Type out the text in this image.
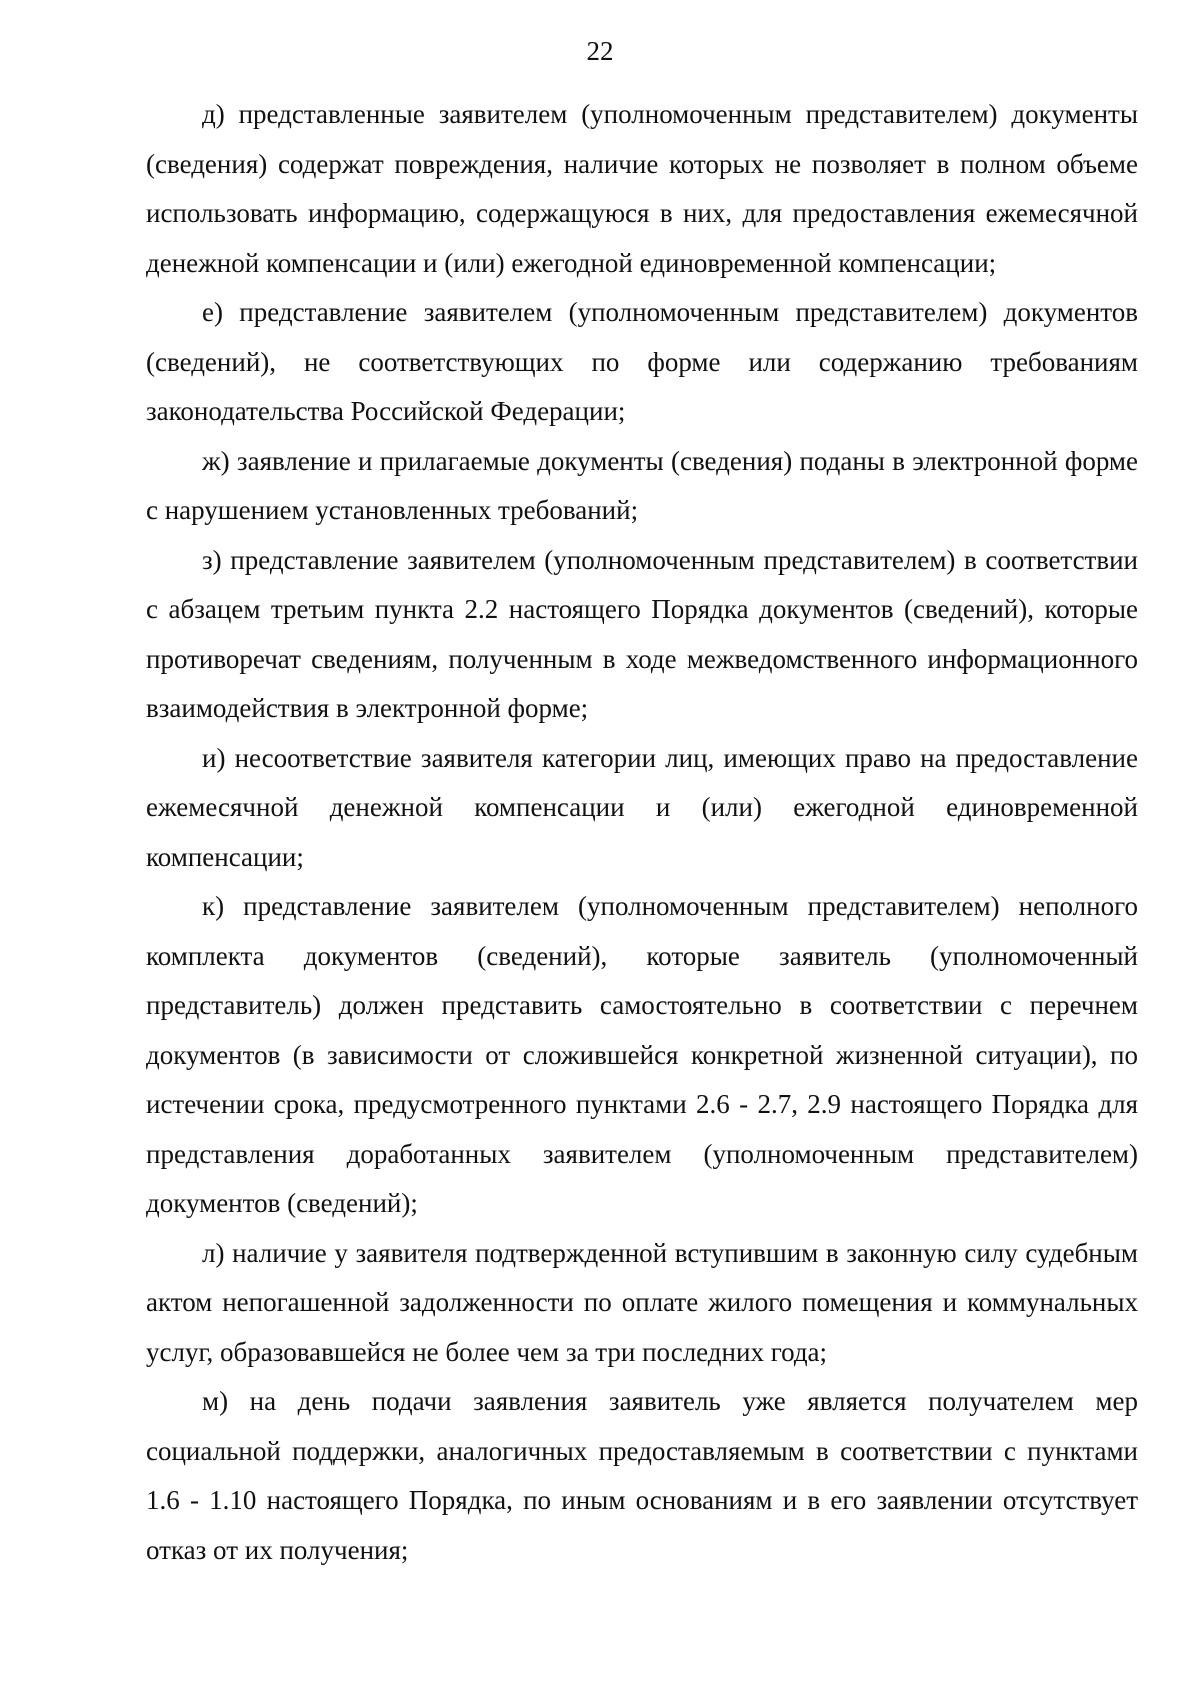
22

д) представленные заявителем (уполномоченным представителем) документы (сведения) содержат повреждения, наличие которых не позволяет в полном объеме использовать информацию, содержащуюся в них, для предоставления ежемесячной денежной компенсации и (или) ежегодной единовременной компенсации;

е) представление заявителем (уполномоченным представителем) документов (сведений), не соответствующих по форме или содержанию требованиям законодательства Российской Федерации;

ж) заявление и прилагаемые документы (сведения) поданы в электронной форме с нарушением установленных требований;

з) представление заявителем (уполномоченным представителем) в соответствии с абзацем третьим пункта 2.2 настоящего Порядка документов (сведений), которые противоречат сведениям, полученным в ходе межведомственного информационного взаимодействия в электронной форме;

и) несоответствие заявителя категории лиц, имеющих право на предоставление ежемесячной денежной компенсации и (или) ежегодной единовременной компенсации;

к) представление заявителем (уполномоченным представителем) неполного комплекта документов (сведений), которые заявитель (уполномоченный представитель) должен представить самостоятельно в соответствии с перечнем документов (в зависимости от сложившейся конкретной жизненной ситуации), по истечении срока, предусмотренного пунктами 2.6 - 2.7, 2.9 настоящего Порядка для представления доработанных заявителем (уполномоченным представителем) документов (сведений);

л) наличие у заявителя подтвержденной вступившим в законную силу судебным актом непогашенной задолженности по оплате жилого помещения и коммунальных услуг, образовавшейся не более чем за три последних года;

м) на день подачи заявления заявитель уже является получателем мер социальной поддержки, аналогичных предоставляемым в соответствии с пунктами 1.6 - 1.10 настоящего Порядка, по иным основаниям и в его заявлении отсутствует отказ от их получения;
